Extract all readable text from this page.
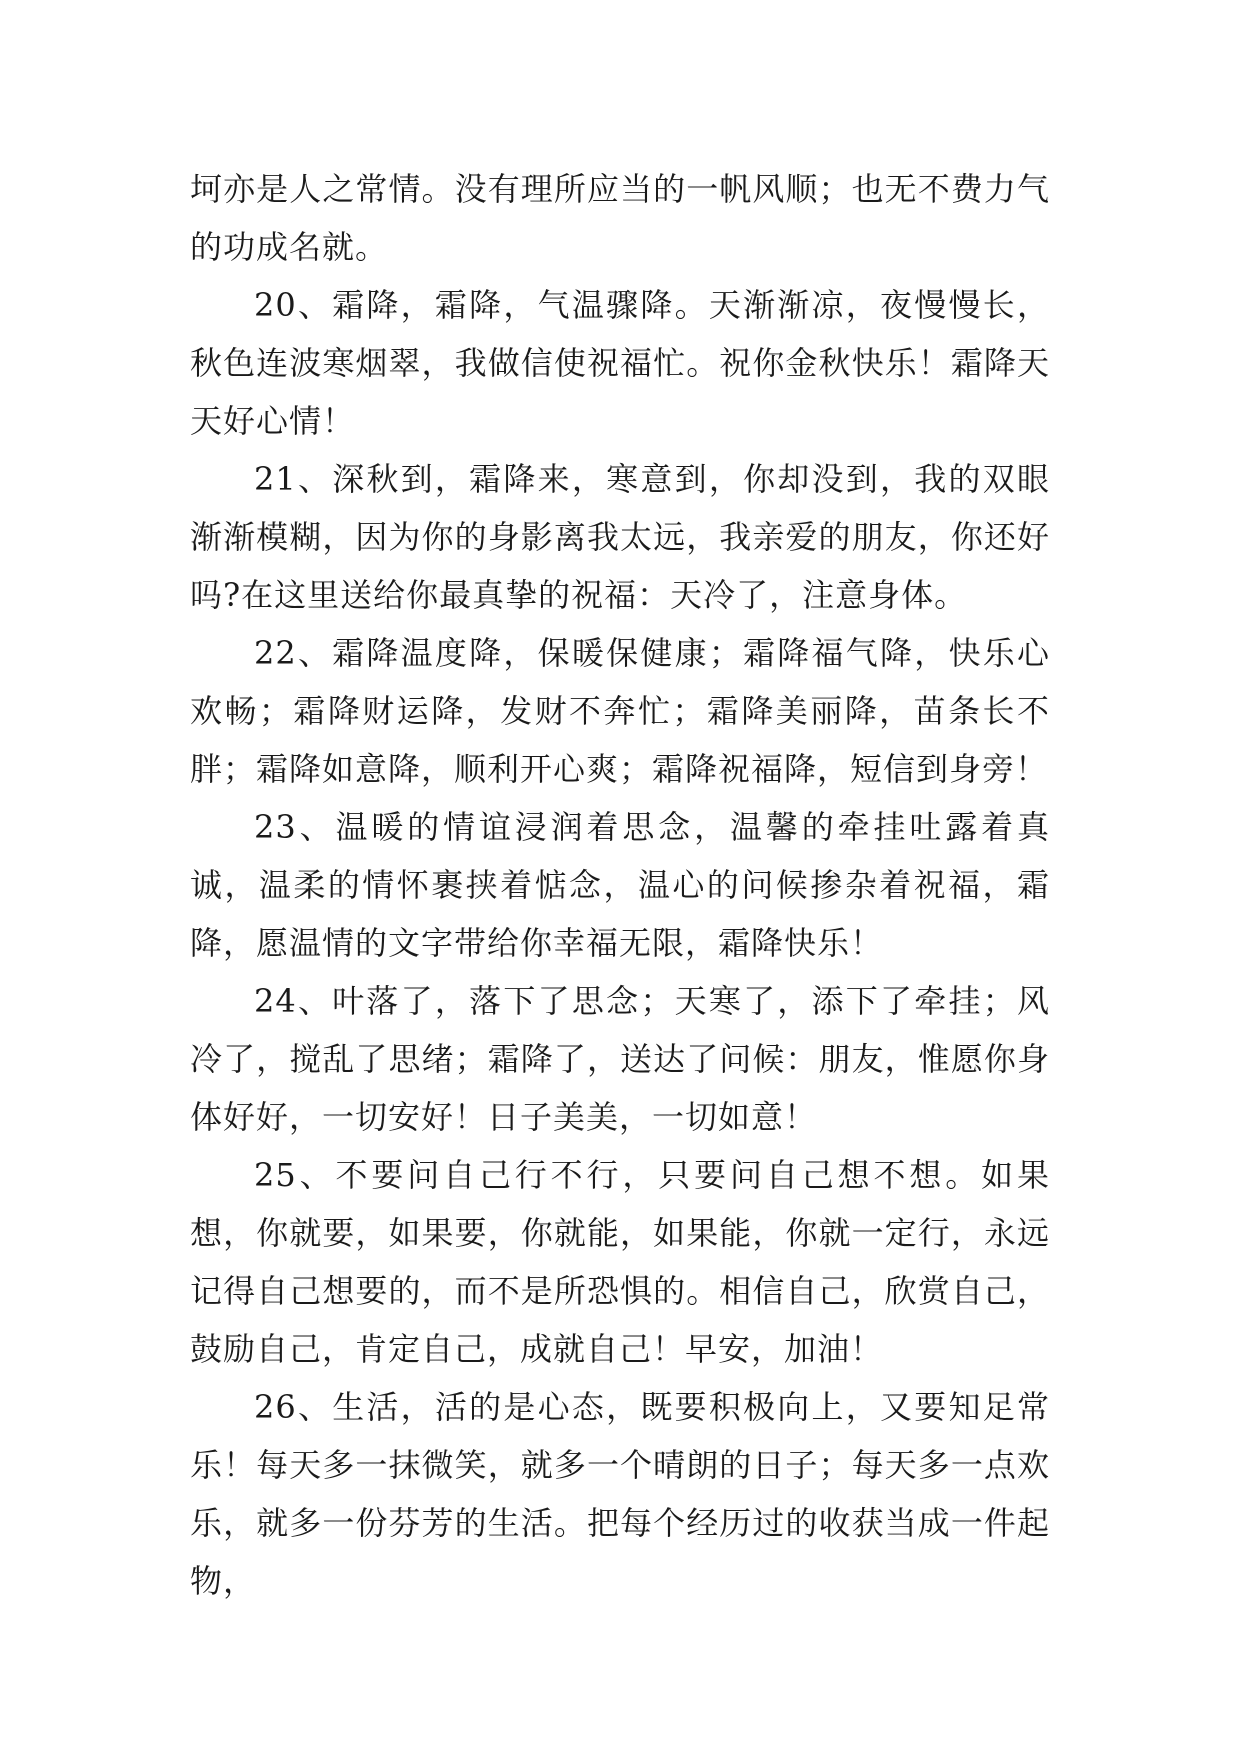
坷亦是人之常情。没有理所应当的一帆风顺；也无不费力气的功成名就。

20、霜降，霜降，气温骤降。天渐渐凉，夜慢慢长，秋色连波寒烟翠，我做信使祝福忙。祝你金秋快乐！霜降天天好心情！

21、深秋到，霜降来，寒意到，你却没到，我的双眼渐渐模糊，因为你的身影离我太远，我亲爱的朋友，你还好吗?在这里送给你最真挚的祝福：天冷了，注意身体。

22、霜降温度降，保暖保健康；霜降福气降，快乐心欢畅；霜降财运降，发财不奔忙；霜降美丽降，苗条长不胖；霜降如意降，顺利开心爽；霜降祝福降，短信到身旁！

23、温暖的情谊浸润着思念，温馨的牵挂吐露着真诚，温柔的情怀裹挟着惦念，温心的问候掺杂着祝福，霜降，愿温情的文字带给你幸福无限，霜降快乐！

24、叶落了，落下了思念；天寒了，添下了牵挂；风冷了，搅乱了思绪；霜降了，送达了问候：朋友，惟愿你身体好好，一切安好！日子美美，一切如意！

25、不要问自己行不行，只要问自己想不想。如果想，你就要，如果要，你就能，如果能，你就一定行，永远记得自己想要的，而不是所恐惧的。相信自己，欣赏自己，鼓励自己，肯定自己，成就自己！早安，加油！

26、生活，活的是心态，既要积极向上，又要知足常乐！每天多一抹微笑，就多一个晴朗的日子；每天多一点欢乐，就多一份芬芳的生活。把每个经历过的收获当成一件起物，
